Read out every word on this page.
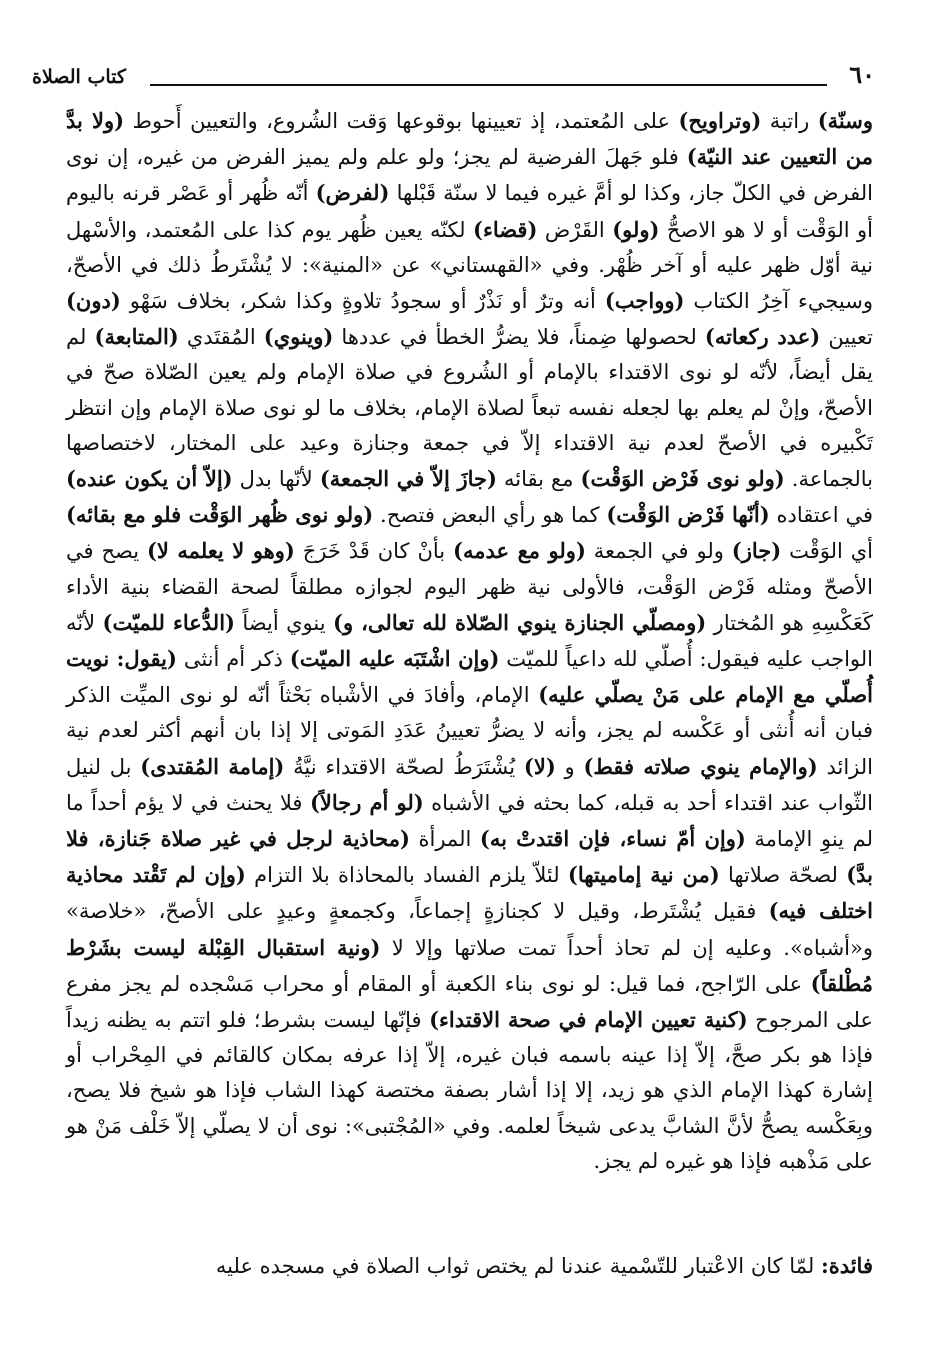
٦٠
كتاب الصلاة

وسنّة) راتبة (وتراويح) على المُعتمد، إذ تعيينها بوقوعها وَقت الشُروع، والتعيين أَحوط (ولا بدَّ من التعيين عند النيّة) فلو جَهلَ الفرضية لم يجز؛ ولو علم ولم يميز الفرض من غيره، إن نوى الفرض في الكلّ جاز، وكذا لو أمَّ غيره فيما لا سنّة قَبْلها (لفرض) أنّه ظُهر أو عَصْر قرنه باليوم أو الوَقْت أو لا هو الاصحُّ (ولو) القَرْض (قضاء) لكنّه يعين ظُهر يوم كذا على المُعتمد، والأسْهل نية أوّل ظهر عليه أو آخر ظُهْر. وفي «القهستاني» عن «المنية»: لا يُشْتَرطُ ذلك في الأصحّ، وسيجيء آخِرُ الكتاب (وواجب) أنه وترٌ أو نَذْرٌ أو سجودُ تلاوةٍ وكذا شكر، بخلاف سَهْو (دون) تعيين (عدد ركعاته) لحصولها ضِمناً، فلا يضرُّ الخطأ في عددها (وينوي) المُقتَدي (المتابعة) لم يقل أيضاً، لأنّه لو نوى الاقتداء بالإمام أو الشُروع في صلاة الإمام ولم يعين الصّلاة صحّ في الأصحّ، وإنْ لم يعلم بها لجعله نفسه تبعاً لصلاة الإمام، بخلاف ما لو نوى صلاة الإمام وإن انتظر تَكْبيره في الأصحّ لعدم نية الاقتداء إلاّ في جمعة وجنازة وعيد على المختار، لاختصاصها بالجماعة. (ولو نوى فَرْض الوَقْت) مع بقائه (جازَ إلاّ في الجمعة) لأنّها بدل (إلاّ أن يكون عنده) في اعتقاده (أنّها فَرْض الوَقْت) كما هو رأي البعض فتصح. (ولو نوى ظُهر الوَقْت فلو مع بقائه) أي الوَقْت (جاز) ولو في الجمعة (ولو مع عدمه) بأنْ كان قَدْ خَرَجَ (وهو لا يعلمه لا) يصح في الأصحّ ومثله فَرْض الوَقْت، فالأولى نية ظهر اليوم لجوازه مطلقاً لصحة القضاء بنية الأداء كَعَكْسِهِ هو المُختار (ومصلّي الجنازة ينوي الصّلاة لله تعالى، و) ينوي أيضاً (الدُّعاء للميّت) لأنّه الواجب عليه فيقول: أُصلّي لله داعياً للميّت (وإن اشْتَبَه عليه الميّت) ذكر أم أنثى (يقول: نويت أُصلّي مع الإمام على مَنْ يصلّي عليه) الإمام، وأفادَ في الأشْباه بَحْثاً أنّه لو نوى الميِّت الذكر فبان أنه أُنثى أو عَكْسه لم يجز، وأنه لا يضرُّ تعيينُ عَدَدِ المَوتى إلا إذا بان أنهم أكثر لعدم نية الزائد (والإمام ينوي صلاته فقط) و (لا) يُشْتَرَطُ لصحّة الاقتداء نيَّةُ (إمامة المُقتدى) بل لنيل الثّواب عند اقتداء أحد به قبله، كما بحثه في الأشباه (لو أم رجالاً) فلا يحنث في لا يؤم أحداً ما لم ينوِ الإمامة (وإن أمّ نساء، فإن اقتدتْ به) المرأة (محاذية لرجل في غير صلاة جَنازة، فلا بدَّ) لصحّة صلاتها (من نية إماميتها) لئلاّ يلزم الفساد بالمحاذاة بلا التزام (وإن لم تَقْتد محاذية اختلف فيه) فقيل يُشْتَرط، وقيل لا كجنازةٍ إجماعاً، وكجمعةٍ وعيدٍ على الأصحّ، «خلاصة» و«أشباه». وعليه إن لم تحاذ أحداً تمت صلاتها وإلا لا (ونية استقبال القِبْلة ليست بشَرْط مُطْلقاً) على الرّاجح، فما قيل: لو نوى بناء الكعبة أو المقام أو محراب مَسْجده لم يجز مفرع على المرجوح (كنية تعيين الإمام في صحة الاقتداء) فإنّها ليست بشرط؛ فلو اتتم به يظنه زيداً فإذا هو بكر صحَّ، إلاّ إذا عينه باسمه فبان غيره، إلاّ إذا عرفه بمكان كالقائم في المِحْراب أو إشارة كهذا الإمام الذي هو زيد، إلا إذا أشار بصفة مختصة كهذا الشاب فإذا هو شيخ فلا يصح، وبِعَكْسه يصحُّ لأنَّ الشابَّ يدعى شيخاً لعلمه. وفي «المُجْتبى»: نوى أن لا يصلّي إلاّ خَلْف مَنْ هو على مَذْهبه فإذا هو غيره لم يجز.

فائدة: لمّا كان الاعْتبار للتّسْمية عندنا لم يختص ثواب الصلاة في مسجده عليه
